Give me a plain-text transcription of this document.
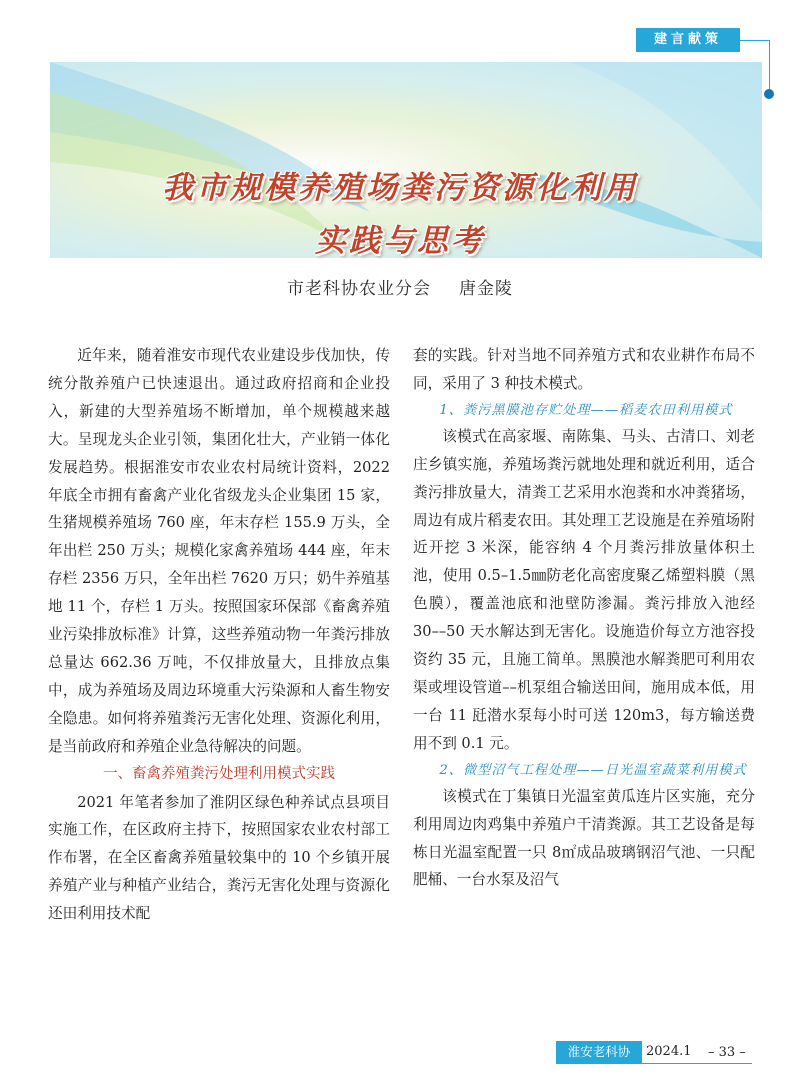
建言献策
我市规模养殖场粪污资源化利用
实践与思考
市老科协农业分会 唐金陵

近年来，随着淮安市现代农业建设步伐加快，传统分散养殖户已快速退出。通过政府招商和企业投入，新建的大型养殖场不断增加，单个规模越来越大。呈现龙头企业引领，集团化壮大，产业销一体化发展趋势。根据淮安市农业农村局统计资料，2022 年底全市拥有畜禽产业化省级龙头企业集团 15 家，生猪规模养殖场 760 座，年末存栏 155.9 万头，全年出栏 250 万头；规模化家禽养殖场 444 座，年末存栏 2356 万只，全年出栏 7620 万只；奶牛养殖基地 11 个，存栏 1 万头。按照国家环保部《畜禽养殖业污染排放标准》计算，这些养殖动物一年粪污排放总量达 662.36 万吨，不仅排放量大，且排放点集中，成为养殖场及周边环境重大污染源和人畜生物安全隐患。如何将养殖粪污无害化处理、资源化利用，是当前政府和养殖企业急待解决的问题。

一、畜禽养殖粪污处理利用模式实践

2021 年笔者参加了淮阴区绿色种养试点县项目实施工作，在区政府主持下，按照国家农业农村部工作布署，在全区畜禽养殖量较集中的 10 个乡镇开展养殖产业与种植产业结合，粪污无害化处理与资源化还田利用技术配

套的实践。针对当地不同养殖方式和农业耕作布局不同，采用了 3 种技术模式。

1、粪污黑膜池存贮处理——稻麦农田利用模式

该模式在高家堰、南陈集、马头、古清口、刘老庄乡镇实施，养殖场粪污就地处理和就近利用，适合粪污排放量大，清粪工艺采用水泡粪和水冲粪猪场，周边有成片稻麦农田。其处理工艺设施是在养殖场附近开挖 3 米深，能容纳 4 个月粪污排放量体积土池，使用 0.5–1.5㎜防老化高密度聚乙烯塑料膜（黑色膜），覆盖池底和池壁防渗漏。粪污排放入池经 30––50 天水解达到无害化。设施造价每立方池容投资约 35 元，且施工简单。黑膜池水解粪肥可利用农渠或埋设管道––机泵组合输送田间，施用成本低，用一台 11 瓩潜水泵每小时可送 120m3，每方输送费用不到 0.1 元。

2、微型沼气工程处理——日光温室蔬菜利用模式

该模式在丁集镇日光温室黄瓜连片区实施，充分利用周边肉鸡集中养殖户干清粪源。其工艺设备是每栋日光温室配置一只 8㎡成品玻璃钢沼气池、一只配肥桶、一台水泵及沼气

淮安老科协	2024.1 – 33 –
